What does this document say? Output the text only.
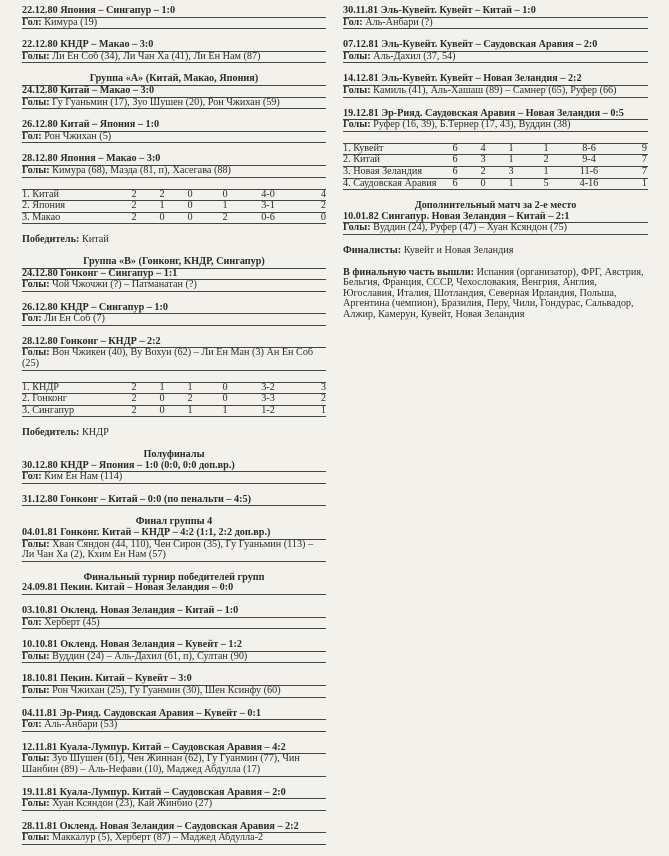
22.12.80 Япония – Сингапур – 1:0
Гол: Кимура (19)
22.12.80 КНДР – Макао – 3:0
Голы: Ли Ен Соб (34), Ли Чан Ха (41), Ли Ен Нам (87)
Группа «А» (Китай, Макао, Япония)
24.12.80 Китай – Макао – 3:0
Голы: Гу Гуаньмин (17), Зуо Шушен (20), Рон Чжихан (59)
26.12.80 Китай – Япония – 1:0
Гол: Рон Чжихан (5)
28.12.80 Япония – Макао – 3:0
Голы: Кимура (68), Маэда (81, п), Хасегава (88)
1. Китай	2	2	0	0	4-0	4
2. Япония	2	1	0	1	3-1	2
3. Макао	2	0	0	2	0-6	0
Победитель: Китай
Группа «В» (Гонконг, КНДР, Сингапур)
24.12.80 Гонконг – Сингапур – 1:1
Голы: Чой Чжочжи (?) – Патманатан (?)
26.12.80 КНДР – Сингапур – 1:0
Гол: Ли Ен Соб (7)
28.12.80 Гонконг – КНДР – 2:2
Голы: Вон Чжикен (40), Ву Вохуи (62) – Ли Ен Ман (3) Ан Ен Соб (25)
1. КНДР	2	1	1	0	3-2	3
2. Гонконг	2	0	2	0	3-3	2
3. Сингапур	2	0	1	1	1-2	1
Победитель: КНДР
Полуфиналы
30.12.80 КНДР – Япония – 1:0 (0:0, 0:0 доп.вр.)
Гол: Ким Ен Нам (114)
31.12.80 Гонконг – Китай – 0:0 (по пенальти – 4:5)
Финал группы 4
04.01.81 Гонконг. Китай – КНДР – 4:2 (1:1, 2:2 доп.вр.)
Голы: Хван Сяндон (44, 110), Чен Сирон (35), Гу Гуаньмин (113) – Ли Чан Ха (2), Кхим Ен Нам (57)
Финальный турнир победителей групп
24.09.81 Пекин. Китай – Новая Зеландия – 0:0
03.10.81 Окленд. Новая Зеландия – Китай – 1:0
Гол: Херберт (45)
10.10.81 Окленд. Новая Зеландия – Кувейт – 1:2
Голы: Вуддин (24) – Аль-Дахил (61, п), Султан (90)
18.10.81 Пекин. Китай – Кувейт – 3:0
Голы: Рон Чжихан (25), Гу Гуанмин (30), Шен Ксинфу (60)
04.11.81 Эр-Рияд. Саудовская Аравия – Кувейт – 0:1
Гол: Аль-Анбари (53)
12.11.81 Куала-Лумпур. Китай – Саудовская Аравия – 4:2
Голы: Зуо Шушен (61), Чен Жиннан (62), Гу Гуанмин (77), Чин Шанбин (89) – Аль-Нефави (10), Маджед Абдулла (17)
19.11.81 Куала-Лумпур. Китай – Саудовская Аравия – 2:0
Голы: Хуан Ксяндон (23), Кай Жинбио (27)
28.11.81 Окленд. Новая Зеландия – Саудовская Аравия – 2:2
Голы: Маккалур (5), Херберт (87) – Маджед Абдулла-2
30.11.81 Эль-Кувейт. Кувейт – Китай – 1:0
Гол: Аль-Анбари (?)
07.12.81 Эль-Кувейт. Кувейт – Саудовская Аравия – 2:0
Голы: Аль-Дахил (37, 54)
14.12.81 Эль-Кувейт. Кувейт – Новая Зеландия – 2:2
Голы: Камиль (41), Аль-Хашаш (89) – Самнер (65), Руфер (66)
19.12.81 Эр-Рияд. Саудовская Аравия – Новая Зеландия – 0:5
Голы: Руфер (16, 39), Б.Тернер (17, 43), Вуддин (38)
1. Кувейт	6	4	1	1	8-6	9
2. Китай	6	3	1	2	9-4	7
3. Новая Зеландия	6	2	3	1	11-6	7
4. Саудовская Аравия	6	0	1	5	4-16	1
Дополнительный матч за 2-е место
10.01.82 Сингапур. Новая Зеландия – Китай – 2:1
Голы: Вуддин (24), Руфер (47) – Хуан Ксяндон (75)
Финалисты: Кувейт и Новая Зеландия
В финальную часть вышли: Испания (организатор), ФРГ, Австрия, Бельгия, Франция, СССР, Чехословакия, Венгрия, Англия, Югославия, Италия, Шотландия, Северная Ирландия, Польша, Аргентина (чемпион), Бразилия, Перу, Чили, Гондурас, Сальвадор, Алжир, Камерун, Кувейт, Новая Зеландия
